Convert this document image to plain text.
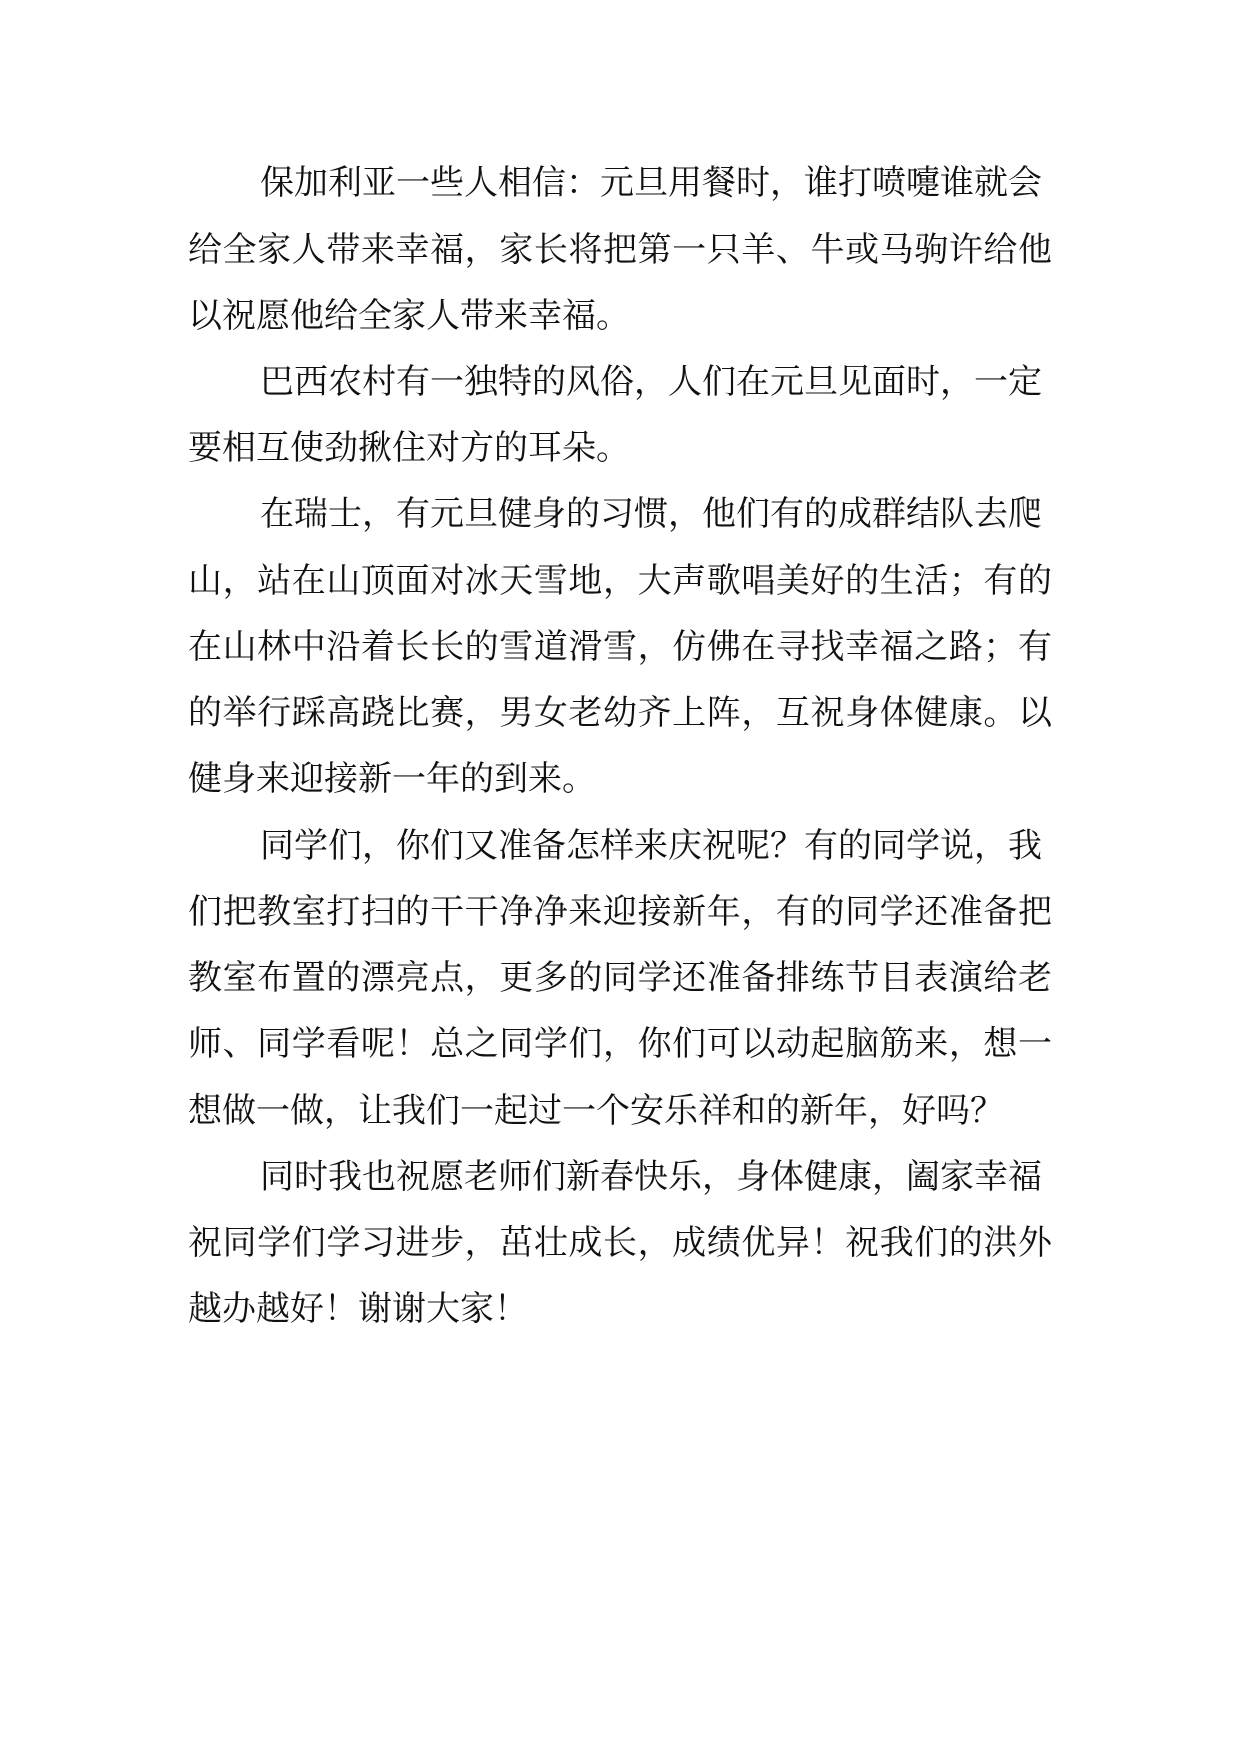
保加利亚一些人相信：元旦用餐时，谁打喷嚏谁就会

给全家人带来幸福，家长将把第一只羊、牛或马驹许给他

以祝愿他给全家人带来幸福。

巴西农村有一独特的风俗，人们在元旦见面时，一定

要相互使劲揪住对方的耳朵。

在瑞士，有元旦健身的习惯，他们有的成群结队去爬

山，站在山顶面对冰天雪地，大声歌唱美好的生活；有的

在山林中沿着长长的雪道滑雪，仿佛在寻找幸福之路；有

的举行踩高跷比赛，男女老幼齐上阵，互祝身体健康。以

健身来迎接新一年的到来。

同学们，你们又准备怎样来庆祝呢？有的同学说，我

们把教室打扫的干干净净来迎接新年，有的同学还准备把

教室布置的漂亮点，更多的同学还准备排练节目表演给老

师、同学看呢！总之同学们，你们可以动起脑筋来，想一

想做一做，让我们一起过一个安乐祥和的新年，好吗？

同时我也祝愿老师们新春快乐，身体健康，阖家幸福

祝同学们学习进步，茁壮成长，成绩优异！祝我们的洪外

越办越好！谢谢大家！
